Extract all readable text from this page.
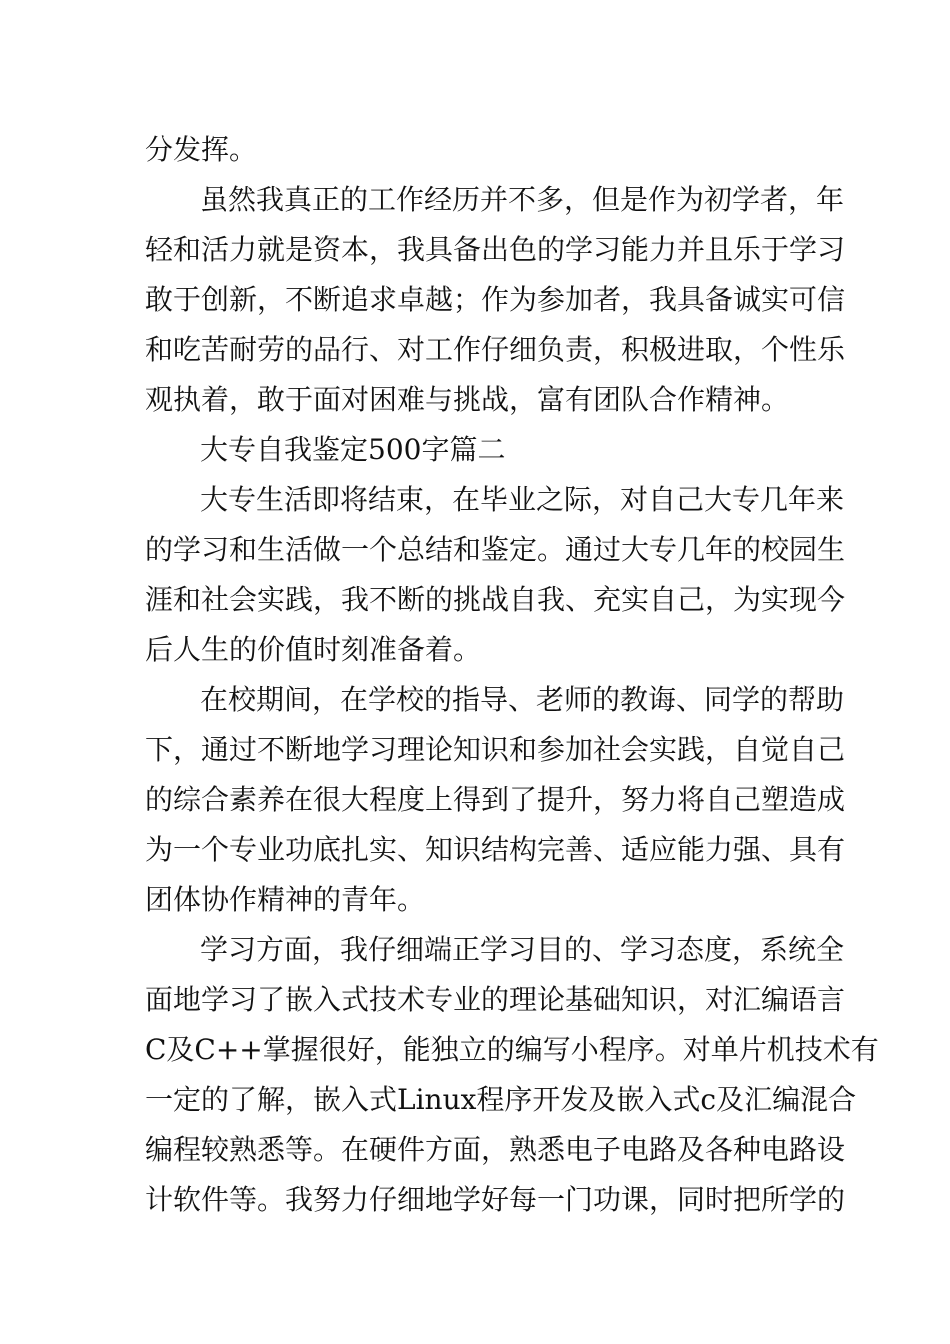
分发挥。
虽然我真正的工作经历并不多，但是作为初学者，年
轻和活力就是资本，我具备出色的学习能力并且乐于学习
敢于创新，不断追求卓越；作为参加者，我具备诚实可信
和吃苦耐劳的品行、对工作仔细负责，积极进取，个性乐
观执着，敢于面对困难与挑战，富有团队合作精神。
大专自我鉴定500字篇二
大专生活即将结束，在毕业之际，对自己大专几年来
的学习和生活做一个总结和鉴定。通过大专几年的校园生
涯和社会实践，我不断的挑战自我、充实自己，为实现今
后人生的价值时刻准备着。
在校期间，在学校的指导、老师的教诲、同学的帮助
下，通过不断地学习理论知识和参加社会实践，自觉自己
的综合素养在很大程度上得到了提升，努力将自己塑造成
为一个专业功底扎实、知识结构完善、适应能力强、具有
团体协作精神的青年。
学习方面，我仔细端正学习目的、学习态度，系统全
面地学习了嵌入式技术专业的理论基础知识，对汇编语言
C及C++掌握很好，能独立的编写小程序。对单片机技术有
一定的了解，嵌入式Linux程序开发及嵌入式c及汇编混合
编程较熟悉等。在硬件方面，熟悉电子电路及各种电路设
计软件等。我努力仔细地学好每一门功课，同时把所学的
